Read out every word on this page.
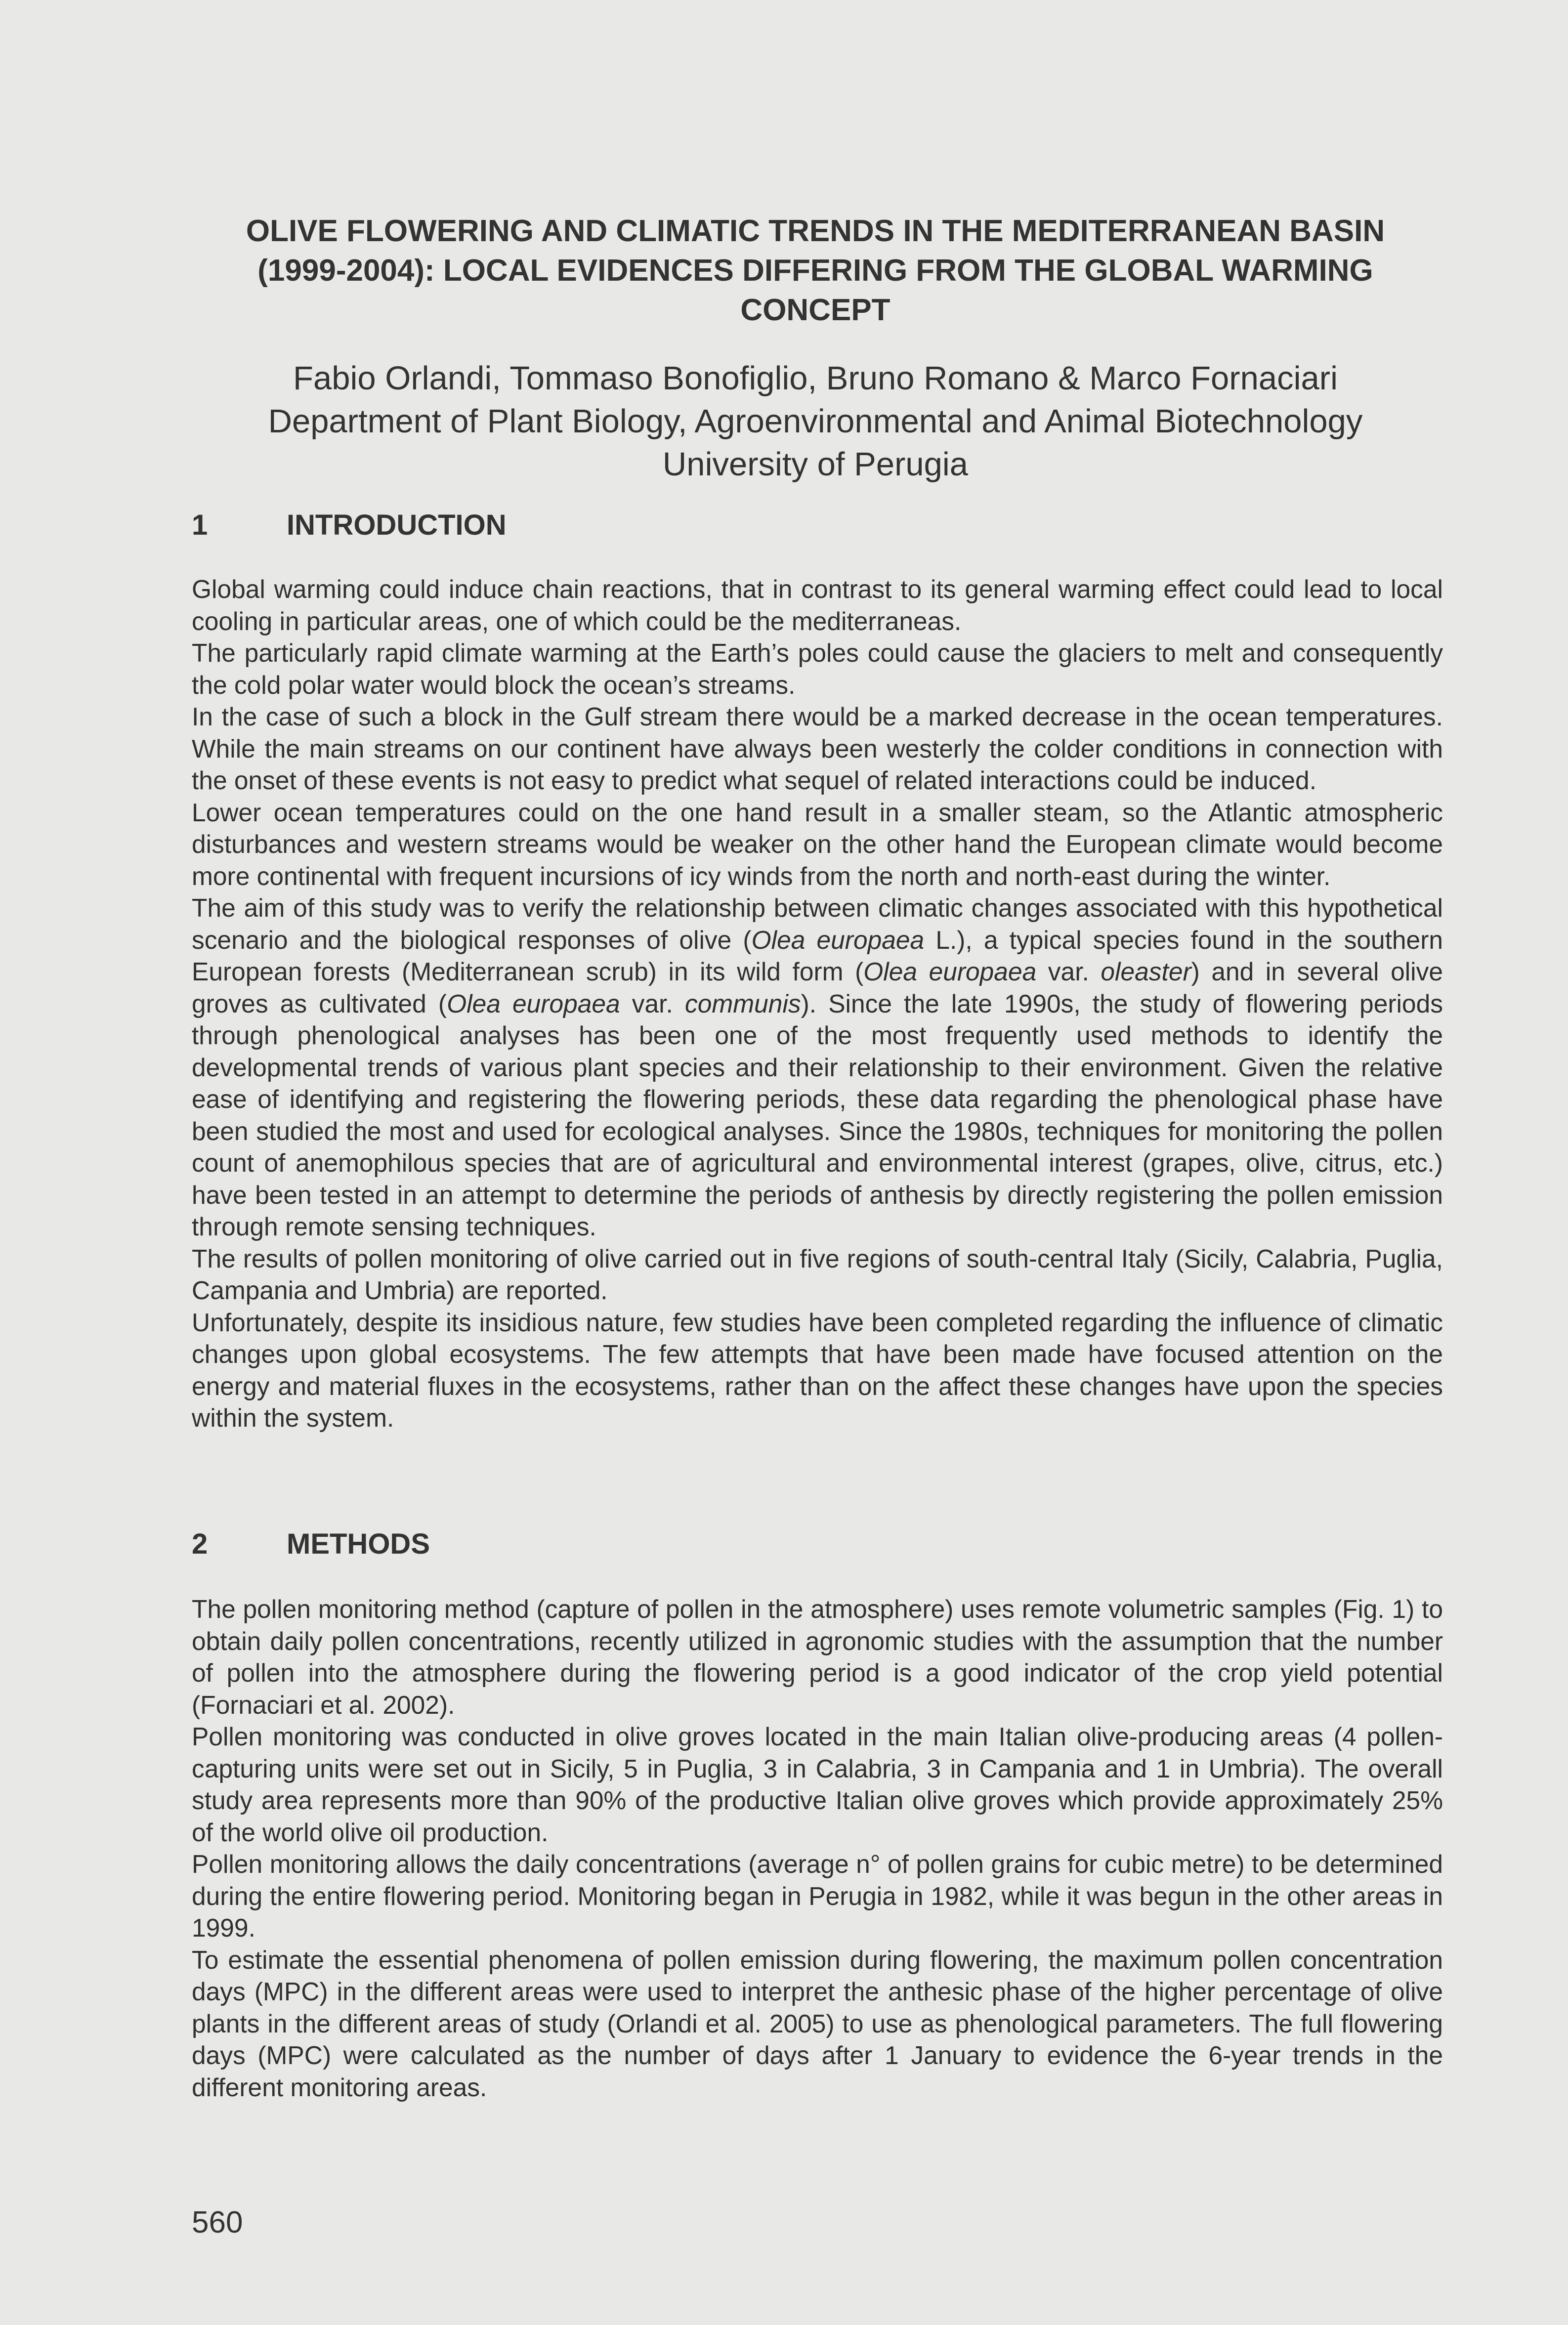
OLIVE FLOWERING AND CLIMATIC TRENDS IN THE MEDITERRANEAN BASIN
(1999-2004): LOCAL EVIDENCES DIFFERING FROM THE GLOBAL WARMING
CONCEPT
Fabio Orlandi, Tommaso Bonofiglio, Bruno Romano & Marco Fornaciari
Department of Plant Biology, Agroenvironmental and Animal Biotechnology
University of Perugia
1	INTRODUCTION

Global warming could induce chain reactions, that in contrast to its general warming effect could lead to local cooling in particular areas, one of which could be the mediterraneas.

The particularly rapid climate warming at the Earth’s poles could cause the glaciers to melt and consequently the cold polar water would block the ocean’s streams.

In the case of such a block in the Gulf stream there would be a marked decrease in the ocean temperatures. While the main streams on our continent have always been westerly the colder conditions in connection with the onset of these events is not easy to predict what sequel of related interactions could be induced.

Lower ocean temperatures could on the one hand result in a smaller steam, so the Atlantic atmospheric disturbances and western streams would be weaker on the other hand the European climate would become more continental with frequent incursions of icy winds from the north and north-east during the winter.

The aim of this study was to verify the relationship between climatic changes associated with this hypothetical scenario and the biological responses of olive (Olea europaea L.), a typical species found in the southern European forests (Mediterranean scrub) in its wild form (Olea europaea var. oleaster) and in several olive groves as cultivated (Olea europaea var. communis). Since the late 1990s, the study of flowering periods through phenological analyses has been one of the most frequently used methods to identify the developmental trends of various plant species and their relationship to their environment. Given the relative ease of identifying and registering the flowering periods, these data regarding the phenological phase have been studied the most and used for ecological analyses. Since the 1980s, techniques for monitoring the pollen count of anemophilous species that are of agricultural and environmental interest (grapes, olive, citrus, etc.) have been tested in an attempt to determine the periods of anthesis by directly registering the pollen emission through remote sensing techniques.

The results of pollen monitoring of olive carried out in five regions of south-central Italy (Sicily, Calabria, Puglia, Campania and Umbria) are reported.

Unfortunately, despite its insidious nature, few studies have been completed regarding the influence of climatic changes upon global ecosystems. The few attempts that have been made have focused attention on the energy and material fluxes in the ecosystems, rather than on the affect these changes have upon the species within the system.

2	METHODS

The pollen monitoring method (capture of pollen in the atmosphere) uses remote volumetric samples (Fig. 1) to obtain daily pollen concentrations, recently utilized in agronomic studies with the assumption that the number of pollen into the atmosphere during the flowering period is a good indicator of the crop yield potential (Fornaciari et al. 2002).

Pollen monitoring was conducted in olive groves located in the main Italian olive-producing areas (4 pollen-capturing units were set out in Sicily, 5 in Puglia, 3 in Calabria, 3 in Campania and 1 in Umbria). The overall study area represents more than 90% of the productive Italian olive groves which provide approximately 25% of the world olive oil production.

Pollen monitoring allows the daily concentrations (average n° of pollen grains for cubic metre) to be determined during the entire flowering period. Monitoring began in Perugia in 1982, while it was begun in the other areas in 1999.

To estimate the essential phenomena of pollen emission during flowering, the maximum pollen concentration days (MPC) in the different areas were used to interpret the anthesic phase of the higher percentage of olive plants in the different areas of study (Orlandi et al. 2005) to use as phenological parameters. The full flowering days (MPC) were calculated as the number of days after 1 January to evidence the 6-year trends in the different monitoring areas.

560
